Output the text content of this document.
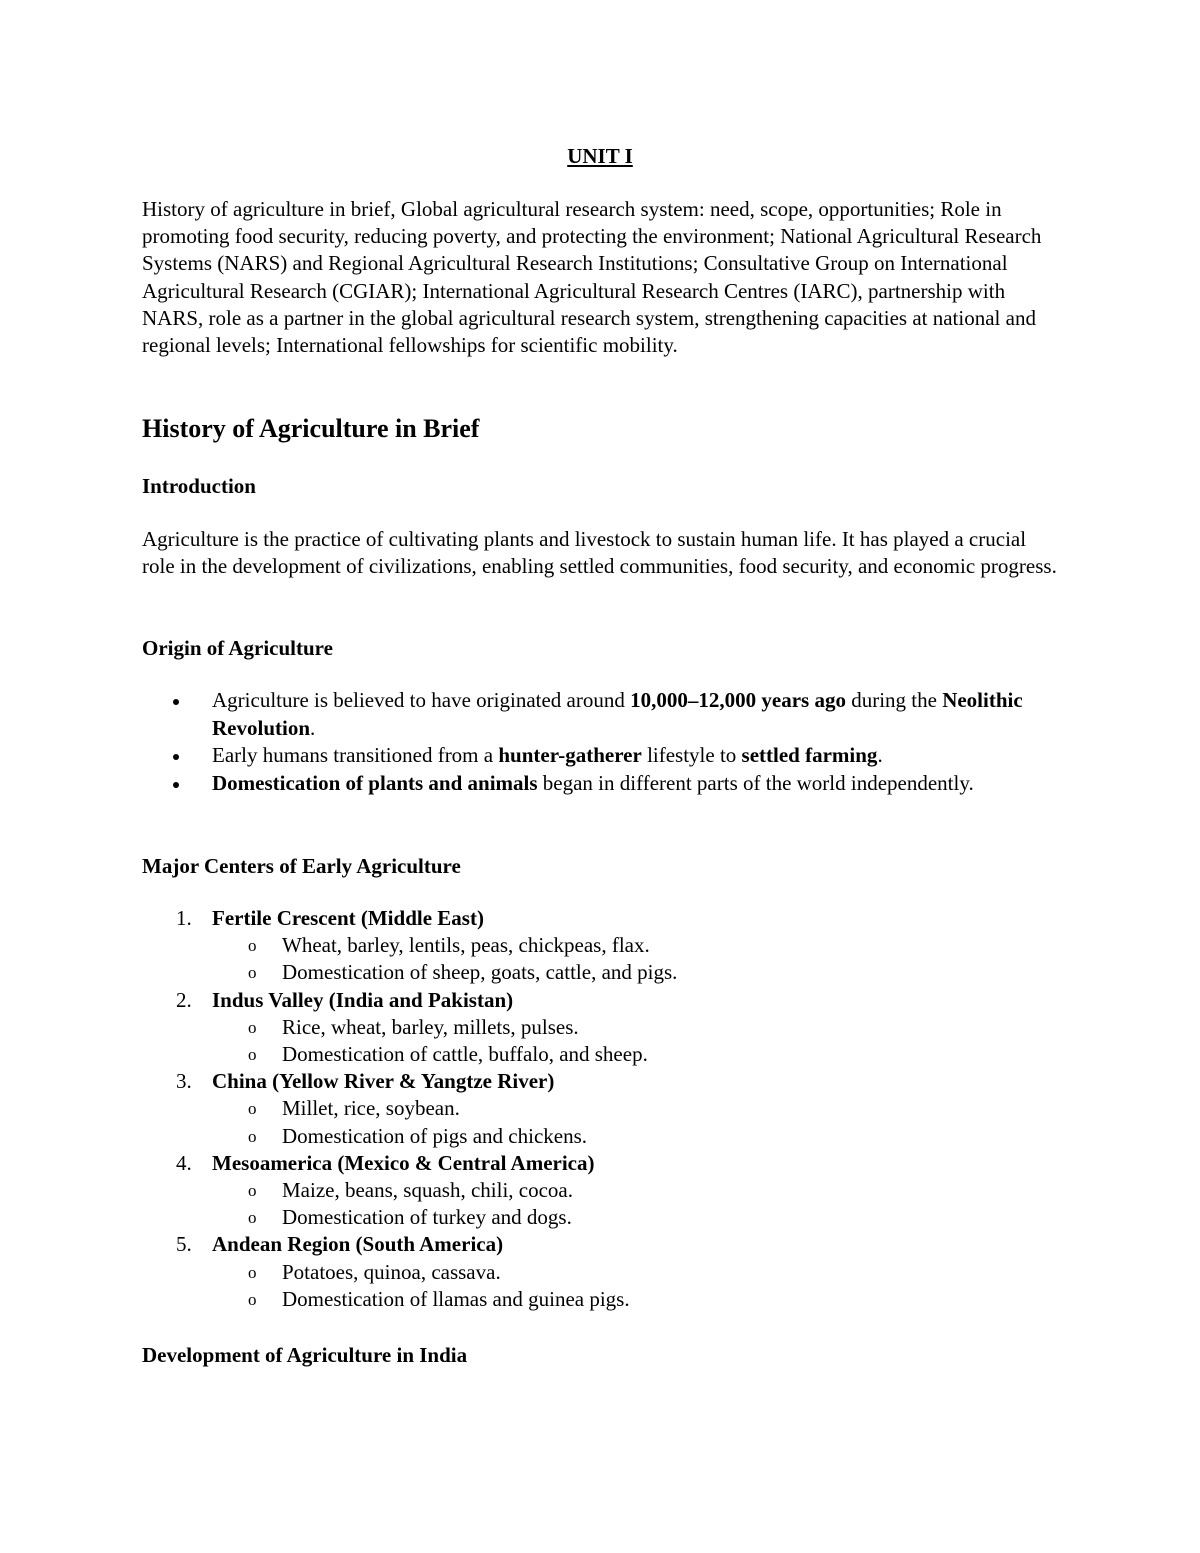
UNIT I

History of agriculture in brief, Global agricultural research system: need, scope, opportunities; Role in promoting food security, reducing poverty, and protecting the environment; National Agricultural Research Systems (NARS) and Regional Agricultural Research Institutions; Consultative Group on International Agricultural Research (CGIAR); International Agricultural Research Centres (IARC), partnership with NARS, role as a partner in the global agricultural research system, strengthening capacities at national and regional levels; International fellowships for scientific mobility.

History of Agriculture in Brief
Introduction

Agriculture is the practice of cultivating plants and livestock to sustain human life. It has played a crucial role in the development of civilizations, enabling settled communities, food security, and economic progress.

Origin of Agriculture
Agriculture is believed to have originated around 10,000–12,000 years ago during the Neolithic Revolution.
Early humans transitioned from a hunter-gatherer lifestyle to settled farming.
Domestication of plants and animals began in different parts of the world independently.
Major Centers of Early Agriculture
1. Fertile Crescent (Middle East)
o Wheat, barley, lentils, peas, chickpeas, flax.
o Domestication of sheep, goats, cattle, and pigs.
2. Indus Valley (India and Pakistan)
o Rice, wheat, barley, millets, pulses.
o Domestication of cattle, buffalo, and sheep.
3. China (Yellow River & Yangtze River)
o Millet, rice, soybean.
o Domestication of pigs and chickens.
4. Mesoamerica (Mexico & Central America)
o Maize, beans, squash, chili, cocoa.
o Domestication of turkey and dogs.
5. Andean Region (South America)
o Potatoes, quinoa, cassava.
o Domestication of llamas and guinea pigs.
Development of Agriculture in India
